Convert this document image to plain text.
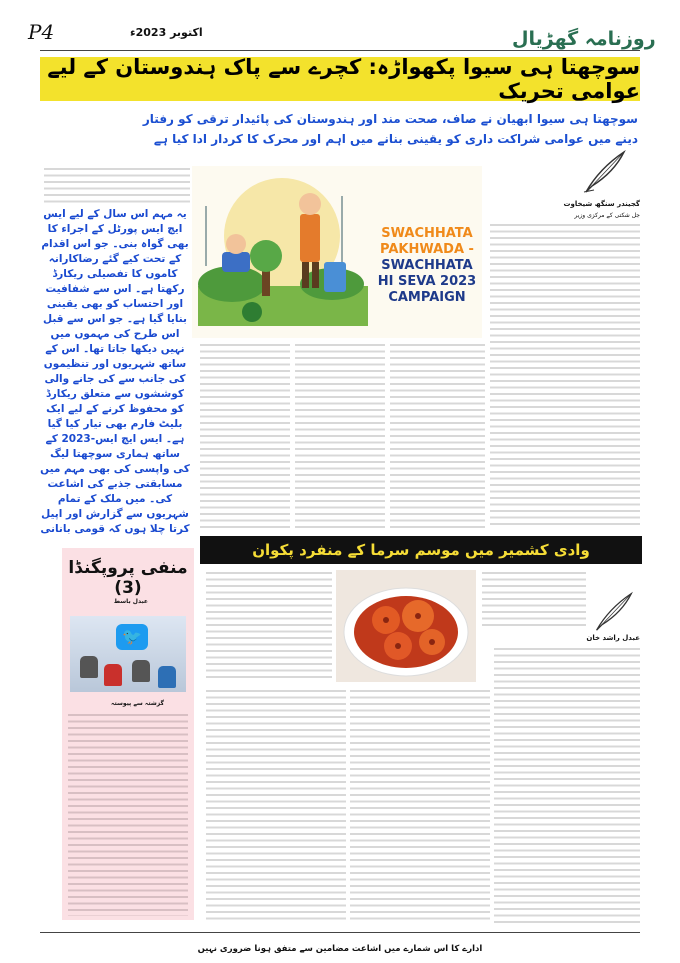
P4	اکتوبر 2023ء	روزنامہ گھڑیال
سوچھتا ہی سیوا پکھواڑہ: کچرے سے پاک ہندوستان کے لیے عوامی تحریک
سوچھتا ہی سیوا ابھیان نے صاف، صحت مند اور ہندوستان کی پائیدار ترقی کو رفتار
دینے میں عوامی شراکت داری کو یقینی بنانے میں اہم اور محرک کا کردار ادا کیا ہے
گجیندر سنگھ شیخاوت
جل شکتی کے مرکزی وزیر
یہ مہم اس سال کے لیے ایس ایچ ایس پورٹل کے اجراء کا بھی گواہ بنی۔ جو اس اقدام کے تحت کیے گئے رضاکارانہ کاموں کا تفصیلی ریکارڈ رکھتا ہے۔ اس سے شفافیت اور احتساب کو بھی یقینی بنایا گیا ہے۔ جو اس سے قبل اس طرح کی مہموں میں نہیں دیکھا جاتا تھا۔ اس کے ساتھ شہریوں اور تنظیموں کی جانب سے کی جانے والی کوششوں سے متعلق ریکارڈ کو محفوظ کرنے کے لیے ایک بلیٹ فارم بھی تیار کیا گیا ہے۔ ایس ایچ ایس-2023 کے ساتھ ہماری سوچھتا لیگ کی واپسی کی بھی مہم میں مسابقتی جذبے کی اشاعت کی۔ میں ملک کے تمام شہریوں سے گزارش اور اپیل کرتا چلا ہوں کہ قومی بانانی
SWACHHATA
PAKHWADA -
SWACHHATA
HI SEVA 2023
CAMPAIGN
وادی کشمیر میں موسم سرما کے منفرد پکوان
عبدل راشد خان
منفی پروپگنڈا (3)
عبدل باسط
🐦
گزشتہ سے پیوستہ
ادارے کا اس شمارے میں اشاعت مضامین سے متفق ہونا ضروری نہیں
